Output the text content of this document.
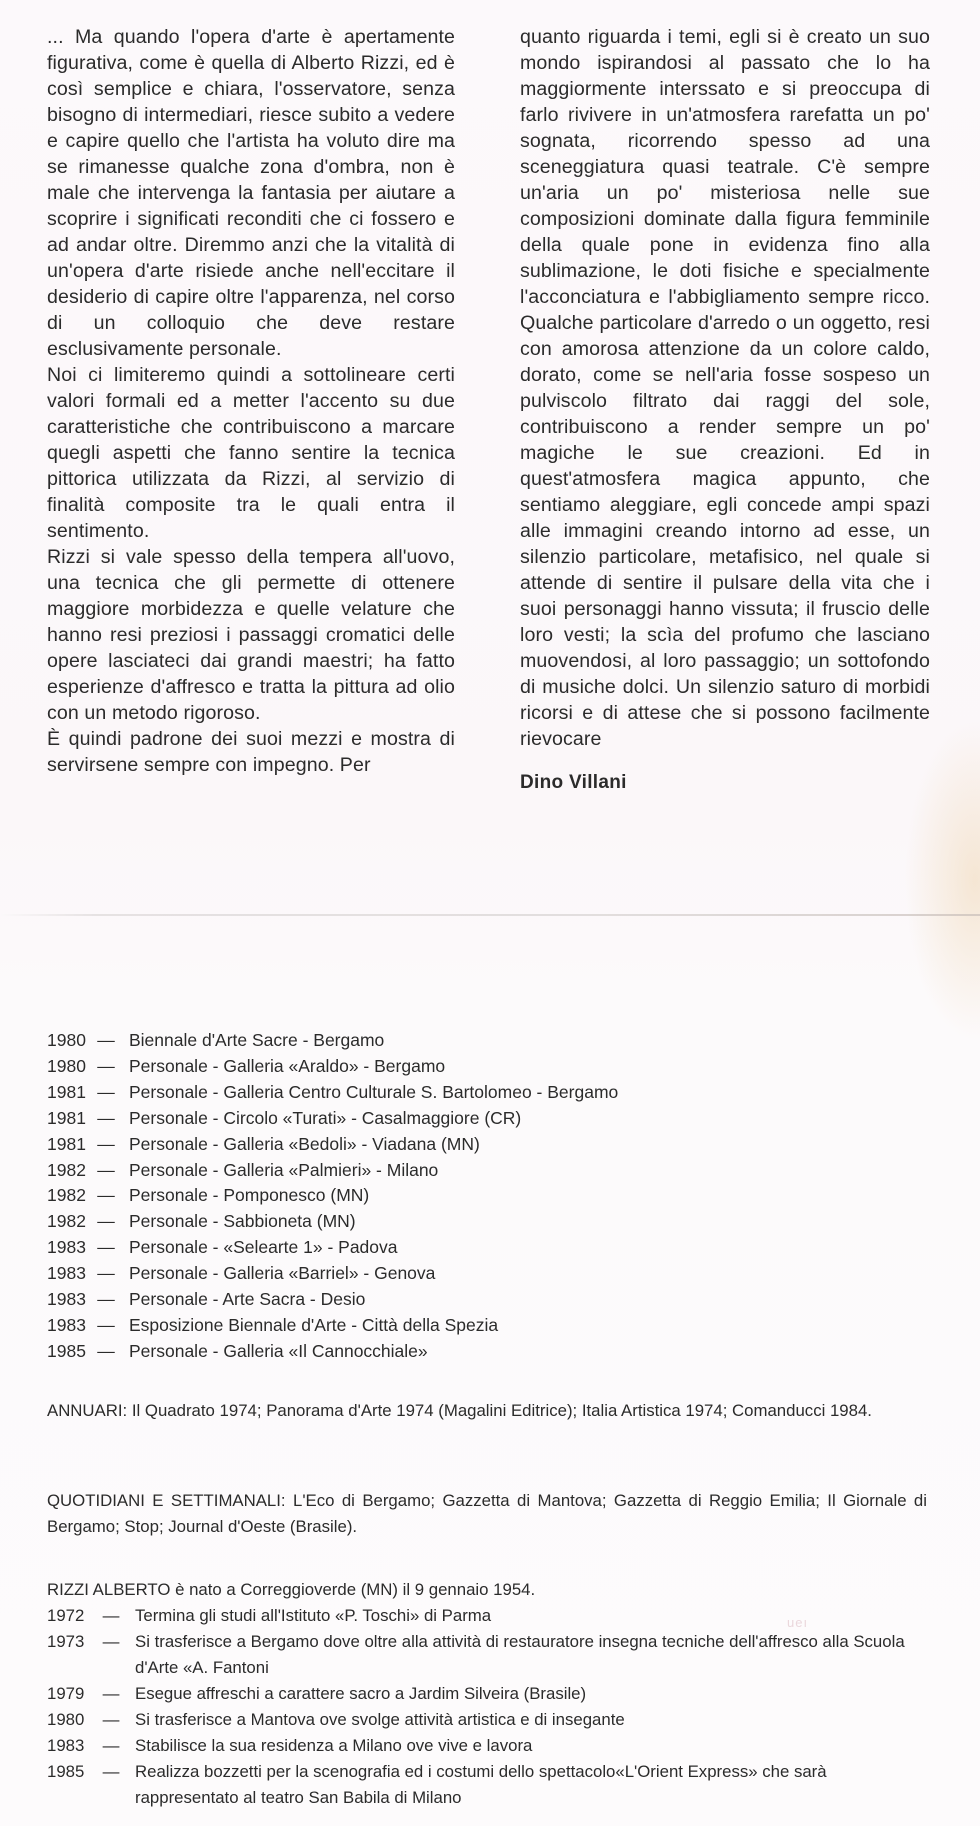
ueı

... Ma quando l'opera d'arte è apertamente figurativa, come è quella di Alberto Rizzi, ed è così semplice e chiara, l'osservatore, senza bisogno di intermediari, riesce subito a vedere e capire quello che l'artista ha voluto dire ma se rimanesse qualche zona d'ombra, non è male che intervenga la fantasia per aiutare a scoprire i significati reconditi che ci fossero e ad andar oltre. Diremmo anzi che la vitalità di un'opera d'arte risiede anche nell'eccitare il desiderio di capire oltre l'apparenza, nel corso di un colloquio che deve restare esclusivamente personale.

Noi ci limiteremo quindi a sottolineare certi valori formali ed a metter l'accento su due caratteristiche che contribuiscono a marcare quegli aspetti che fanno sentire la tecnica pittorica utilizzata da Rizzi, al servizio di finalità composite tra le quali entra il sentimento.

Rizzi si vale spesso della tempera all'uovo, una tecnica che gli permette di ottenere maggiore morbidezza e quelle velature che hanno resi preziosi i passaggi cromatici delle opere lasciateci dai grandi maestri; ha fatto esperienze d'affresco e tratta la pittura ad olio con un metodo rigoroso.

È quindi padrone dei suoi mezzi e mostra di servirsene sempre con impegno. Per

quanto riguarda i temi, egli si è creato un suo mondo ispirandosi al passato che lo ha maggiormente interssato e si preoccupa di farlo rivivere in un'atmosfera rarefatta un po' sognata, ricorrendo spesso ad una sceneggiatura quasi teatrale. C'è sempre un'aria un po' misteriosa nelle sue composizioni dominate dalla figura femminile della quale pone in evidenza fino alla sublimazione, le doti fisiche e specialmente l'acconciatura e l'abbigliamento sempre ricco. Qualche particolare d'arredo o un oggetto, resi con amorosa attenzione da un colore caldo, dorato, come se nell'aria fosse sospeso un pulviscolo filtrato dai raggi del sole, contribuiscono a render sempre un po' magiche le sue creazioni. Ed in quest'atmosfera magica appunto, che sentiamo aleggiare, egli concede ampi spazi alle immagini creando intorno ad esse, un silenzio particolare, metafisico, nel quale si attende di sentire il pulsare della vita che i suoi personaggi hanno vissuta; il fruscio delle loro vesti; la scìa del profumo che lasciano muovendosi, al loro passaggio; un sottofondo di musiche dolci. Un silenzio saturo di morbidi ricorsi e di attese che si possono facilmente rievocare

Dino Villani
1980 — Biennale d'Arte Sacre - Bergamo
1980 — Personale - Galleria «Araldo» - Bergamo
1981 — Personale - Galleria Centro Culturale S. Bartolomeo - Bergamo
1981 — Personale - Circolo «Turati» - Casalmaggiore (CR)
1981 — Personale - Galleria «Bedoli» - Viadana (MN)
1982 — Personale - Galleria «Palmieri» - Milano
1982 — Personale - Pomponesco (MN)
1982 — Personale - Sabbioneta (MN)
1983 — Personale - «Selearte 1» - Padova
1983 — Personale - Galleria «Barriel» - Genova
1983 — Personale - Arte Sacra - Desio
1983 — Esposizione Biennale d'Arte - Città della Spezia
1985 — Personale - Galleria «Il Cannocchiale»

ANNUARI: Il Quadrato 1974; Panorama d'Arte 1974 (Magalini Editrice); Italia Artistica 1974; Comanducci 1984.

QUOTIDIANI E SETTIMANALI: L'Eco di Bergamo; Gazzetta di Mantova; Gazzetta di Reggio Emilia; Il Giornale di Bergamo; Stop; Journal d'Oeste (Brasile).

RIZZI ALBERTO è nato a Correggioverde (MN) il 9 gennaio 1954.

1972	— Termina gli studi all'Istituto «P. Toschi» di Parma
1973	— Si trasferisce a Bergamo dove oltre alla attività di restauratore insegna tecniche dell'affresco alla Scuola d'Arte «A. Fantoni
1979	— Esegue affreschi a carattere sacro a Jardim Silveira (Brasile)
1980	— Si trasferisce a Mantova ove svolge attività artistica e di insegante
1983	— Stabilisce la sua residenza a Milano ove vive e lavora
1985	— Realizza bozzetti per la scenografia ed i costumi dello spettacolo«L'Orient Express» che sarà rappresentato al teatro San Babila di Milano
